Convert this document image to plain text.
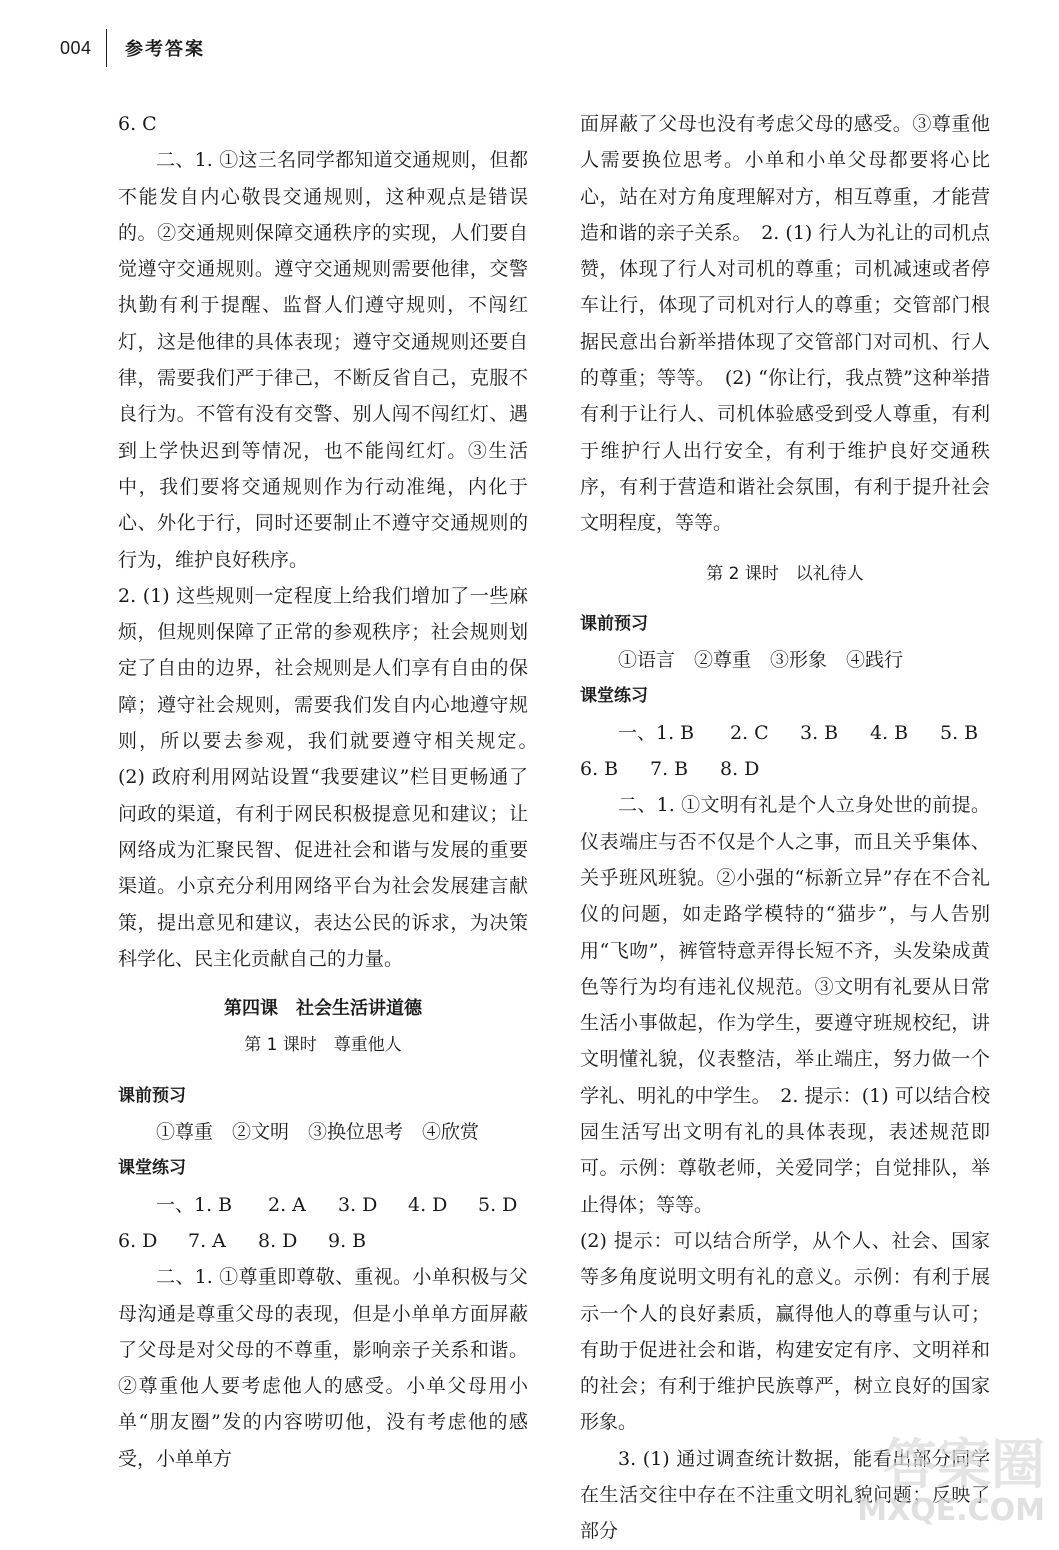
004 参考答案

6. C

二、1. ①这三名同学都知道交通规则，但都不能发自内心敬畏交通规则，这种观点是错误的。②交通规则保障交通秩序的实现，人们要自觉遵守交通规则。遵守交通规则需要他律，交警执勤有利于提醒、监督人们遵守规则，不闯红灯，这是他律的具体表现；遵守交通规则还要自律，需要我们严于律己，不断反省自己，克服不良行为。不管有没有交警、别人闯不闯红灯、遇到上学快迟到等情况，也不能闯红灯。③生活中，我们要将交通规则作为行动准绳，内化于心、外化于行，同时还要制止不遵守交通规则的行为，维护良好秩序。

2. (1) 这些规则一定程度上给我们增加了一些麻烦，但规则保障了正常的参观秩序；社会规则划定了自由的边界，社会规则是人们享有自由的保障；遵守社会规则，需要我们发自内心地遵守规则，所以要去参观，我们就要遵守相关规定。　(2) 政府利用网站设置“我要建议”栏目更畅通了问政的渠道，有利于网民积极提意见和建议；让网络成为汇聚民智、促进社会和谐与发展的重要渠道。小京充分利用网络平台为社会发展建言献策，提出意见和建议，表达公民的诉求，为决策科学化、民主化贡献自己的力量。

第四课　社会生活讲道德

第 1 课时　尊重他人

课前预习

①尊重　②文明　③换位思考　④欣赏

课堂练习

一、1. B 2. A 3. D 4. D 5. D

6. D 7. A 8. D 9. B

二、1. ①尊重即尊敬、重视。小单积极与父母沟通是尊重父母的表现，但是小单单方面屏蔽了父母是对父母的不尊重，影响亲子关系和谐。②尊重他人要考虑他人的感受。小单父母用小单“朋友圈”发的内容唠叨他，没有考虑他的感受，小单单方

面屏蔽了父母也没有考虑父母的感受。③尊重他人需要换位思考。小单和小单父母都要将心比心，站在对方角度理解对方，相互尊重，才能营造和谐的亲子关系。　2. (1) 行人为礼让的司机点赞，体现了行人对司机的尊重；司机减速或者停车让行，体现了司机对行人的尊重；交管部门根据民意出台新举措体现了交管部门对司机、行人的尊重；等等。　(2) “你让行，我点赞”这种举措有利于让行人、司机体验感受到受人尊重，有利于维护行人出行安全，有利于维护良好交通秩序，有利于营造和谐社会氛围，有利于提升社会文明程度，等等。

第 2 课时　以礼待人

课前预习

①语言　②尊重　③形象　④践行

课堂练习

一、1. B 2. C 3. B 4. B 5. B

6. B 7. B 8. D

二、1. ①文明有礼是个人立身处世的前提。仪表端庄与否不仅是个人之事，而且关乎集体、关乎班风班貌。②小强的“标新立异”存在不合礼仪的问题，如走路学模特的“猫步”，与人告别用“飞吻”，裤管特意弄得长短不齐，头发染成黄色等行为均有违礼仪规范。③文明有礼要从日常生活小事做起，作为学生，要遵守班规校纪，讲文明懂礼貌，仪表整洁，举止端庄，努力做一个学礼、明礼的中学生。　2. 提示：(1) 可以结合校园生活写出文明有礼的具体表现，表述规范即可。示例：尊敬老师，关爱同学；自觉排队，举止得体；等等。

(2) 提示：可以结合所学，从个人、社会、国家等多角度说明文明有礼的意义。示例：有利于展示一个人的良好素质，赢得他人的尊重与认可；有助于促进社会和谐，构建安定有序、文明祥和的社会；有利于维护民族尊严，树立良好的国家形象。

3. (1) 通过调查统计数据，能看出部分同学在生活交往中存在不注重文明礼貌问题；反映了部分

答案圈
MXQE.COM
